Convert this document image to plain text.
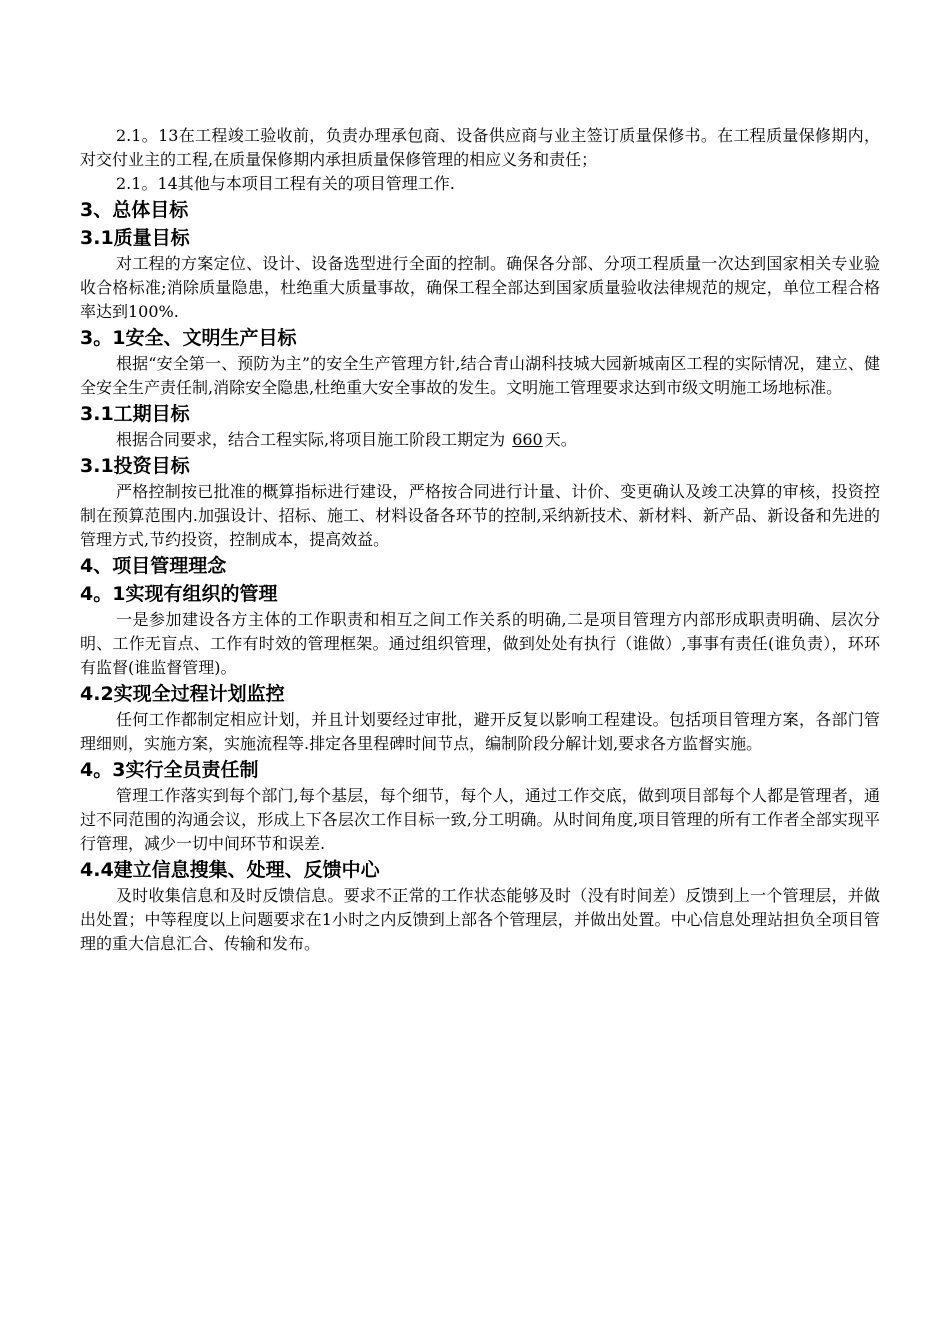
2.1。13在工程竣工验收前，负责办理承包商、设备供应商与业主签订质量保修书。在工程质量保修期内，对交付业主的工程,在质量保修期内承担质量保修管理的相应义务和责任；

2.1。14其他与本项目工程有关的项目管理工作.

3、总体目标
3.1质量目标

对工程的方案定位、设计、设备选型进行全面的控制。确保各分部、分项工程质量一次达到国家相关专业验收合格标准;消除质量隐患，杜绝重大质量事故，确保工程全部达到国家质量验收法律规范的规定，单位工程合格率达到100%.

3。1安全、文明生产目标

根据“安全第一、预防为主”的安全生产管理方针,结合青山湖科技城大园新城南区工程的实际情况，建立、健全安全生产责任制,消除安全隐患,杜绝重大安全事故的发生。文明施工管理要求达到市级文明施工场地标准。

3.1工期目标

根据合同要求，结合工程实际,将项目施工阶段工期定为 660 天。

3.1投资目标

严格控制按已批准的概算指标进行建设，严格按合同进行计量、计价、变更确认及竣工决算的审核，投资控制在预算范围内.加强设计、招标、施工、材料设备各环节的控制,采纳新技术、新材料、新产品、新设备和先进的管理方式,节约投资，控制成本，提高效益。

4、项目管理理念
4。1实现有组织的管理

一是参加建设各方主体的工作职责和相互之间工作关系的明确,二是项目管理方内部形成职责明确、层次分明、工作无盲点、工作有时效的管理框架。通过组织管理，做到处处有执行（谁做）,事事有责任(谁负责），环环有监督(谁监督管理)。

4.2实现全过程计划监控

任何工作都制定相应计划，并且计划要经过审批，避开反复以影响工程建设。包括项目管理方案，各部门管理细则，实施方案，实施流程等.排定各里程碑时间节点，编制阶段分解计划,要求各方监督实施。

4。3实行全员责任制

管理工作落实到每个部门,每个基层，每个细节，每个人，通过工作交底，做到项目部每个人都是管理者，通过不同范围的沟通会议，形成上下各层次工作目标一致,分工明确。从时间角度,项目管理的所有工作者全部实现平行管理，减少一切中间环节和误差.

4.4建立信息搜集、处理、反馈中心

及时收集信息和及时反馈信息。要求不正常的工作状态能够及时（没有时间差）反馈到上一个管理层，并做出处置；中等程度以上问题要求在1小时之内反馈到上部各个管理层，并做出处置。中心信息处理站担负全项目管理的重大信息汇合、传输和发布。
